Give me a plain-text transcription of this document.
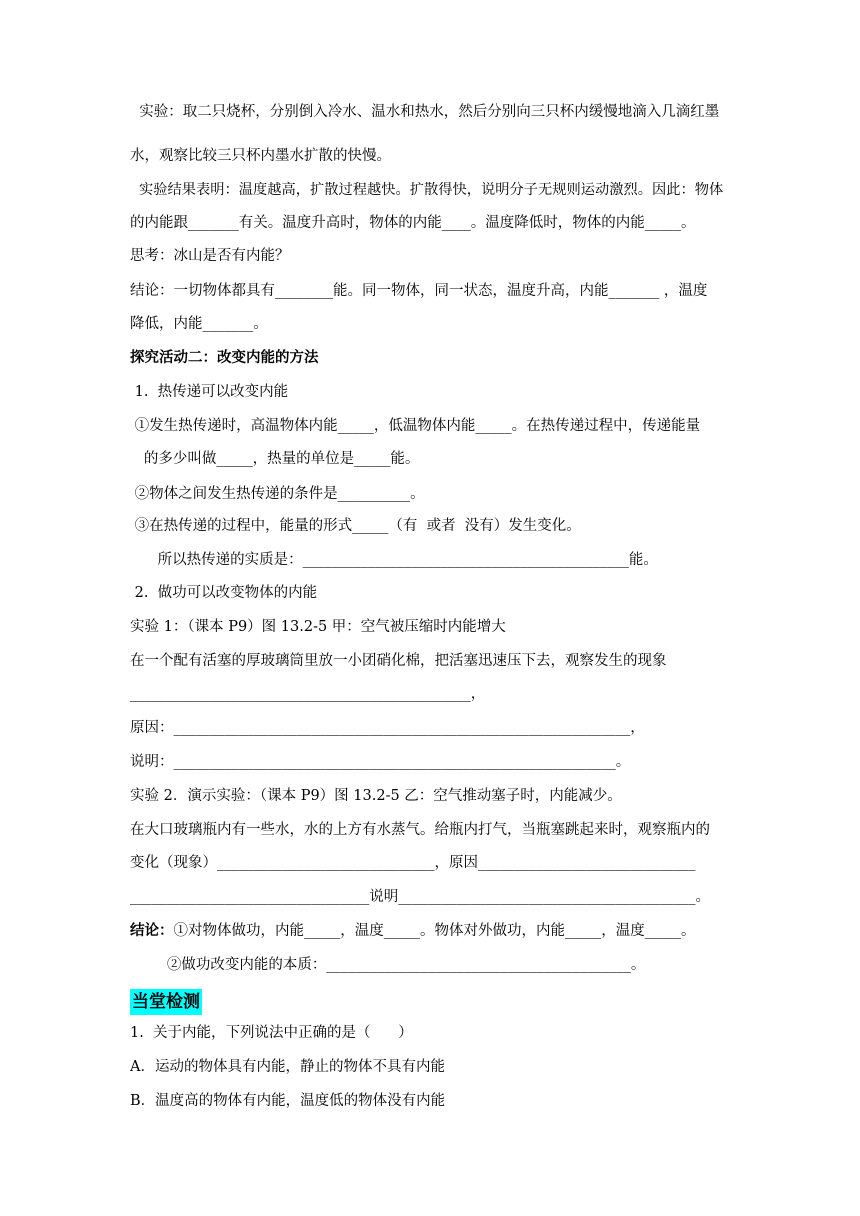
实验：取二只烧杯，分别倒入冷水、温水和热水，然后分别向三只杯内缓慢地滴入几滴红墨

水，观察比较三只杯内墨水扩散的快慢。

实验结果表明：温度越高，扩散过程越快。扩散得快，说明分子无规则运动激烈。因此：物体

的内能跟_______有关。温度升高时，物体的内能____。温度降低时，物体的内能_____。

思考：冰山是否有内能？

结论：一切物体都具有________能。同一物体，同一状态，温度升高，内能_______ ，温度

降低，内能_______。

探究活动二：改变内能的方法

1.  热传递可以改变内能

①发生热传递时，高温物体内能_____，低温物体内能_____。在热传递过程中，传递能量

的多少叫做_____，热量的单位是_____能。

②物体之间发生热传递的条件是__________。

③在热传递的过程中，能量的形式_____（有  或者  没有）发生变化。

所以热传递的实质是：_____________________________________________能。

2.  做功可以改变物体的内能

实验 1：（课本 P9）图 13.2-5 甲：空气被压缩时内能增大

在一个配有活塞的厚玻璃筒里放一小团硝化棉，把活塞迅速压下去，观察发生的现象

_______________________________________________，

原因：_______________________________________________________________，

说明：_____________________________________________________________。

实验 2．演示实验：（课本 P9）图 13.2-5 乙：空气推动塞子时，内能减少。

在大口玻璃瓶内有一些水，水的上方有水蒸气。给瓶内打气，当瓶塞跳起来时，观察瓶内的

变化（现象）______________________________，原因______________________________

_________________________________说明_________________________________________。

结论：①对物体做功，内能_____，温度_____。物体对外做功，内能_____，温度_____。

②做功改变内能的本质：__________________________________________。

当堂检测

1.  关于内能，下列说法中正确的是（      ）

A．运动的物体具有内能，静止的物体不具有内能

B．温度高的物体有内能，温度低的物体没有内能
